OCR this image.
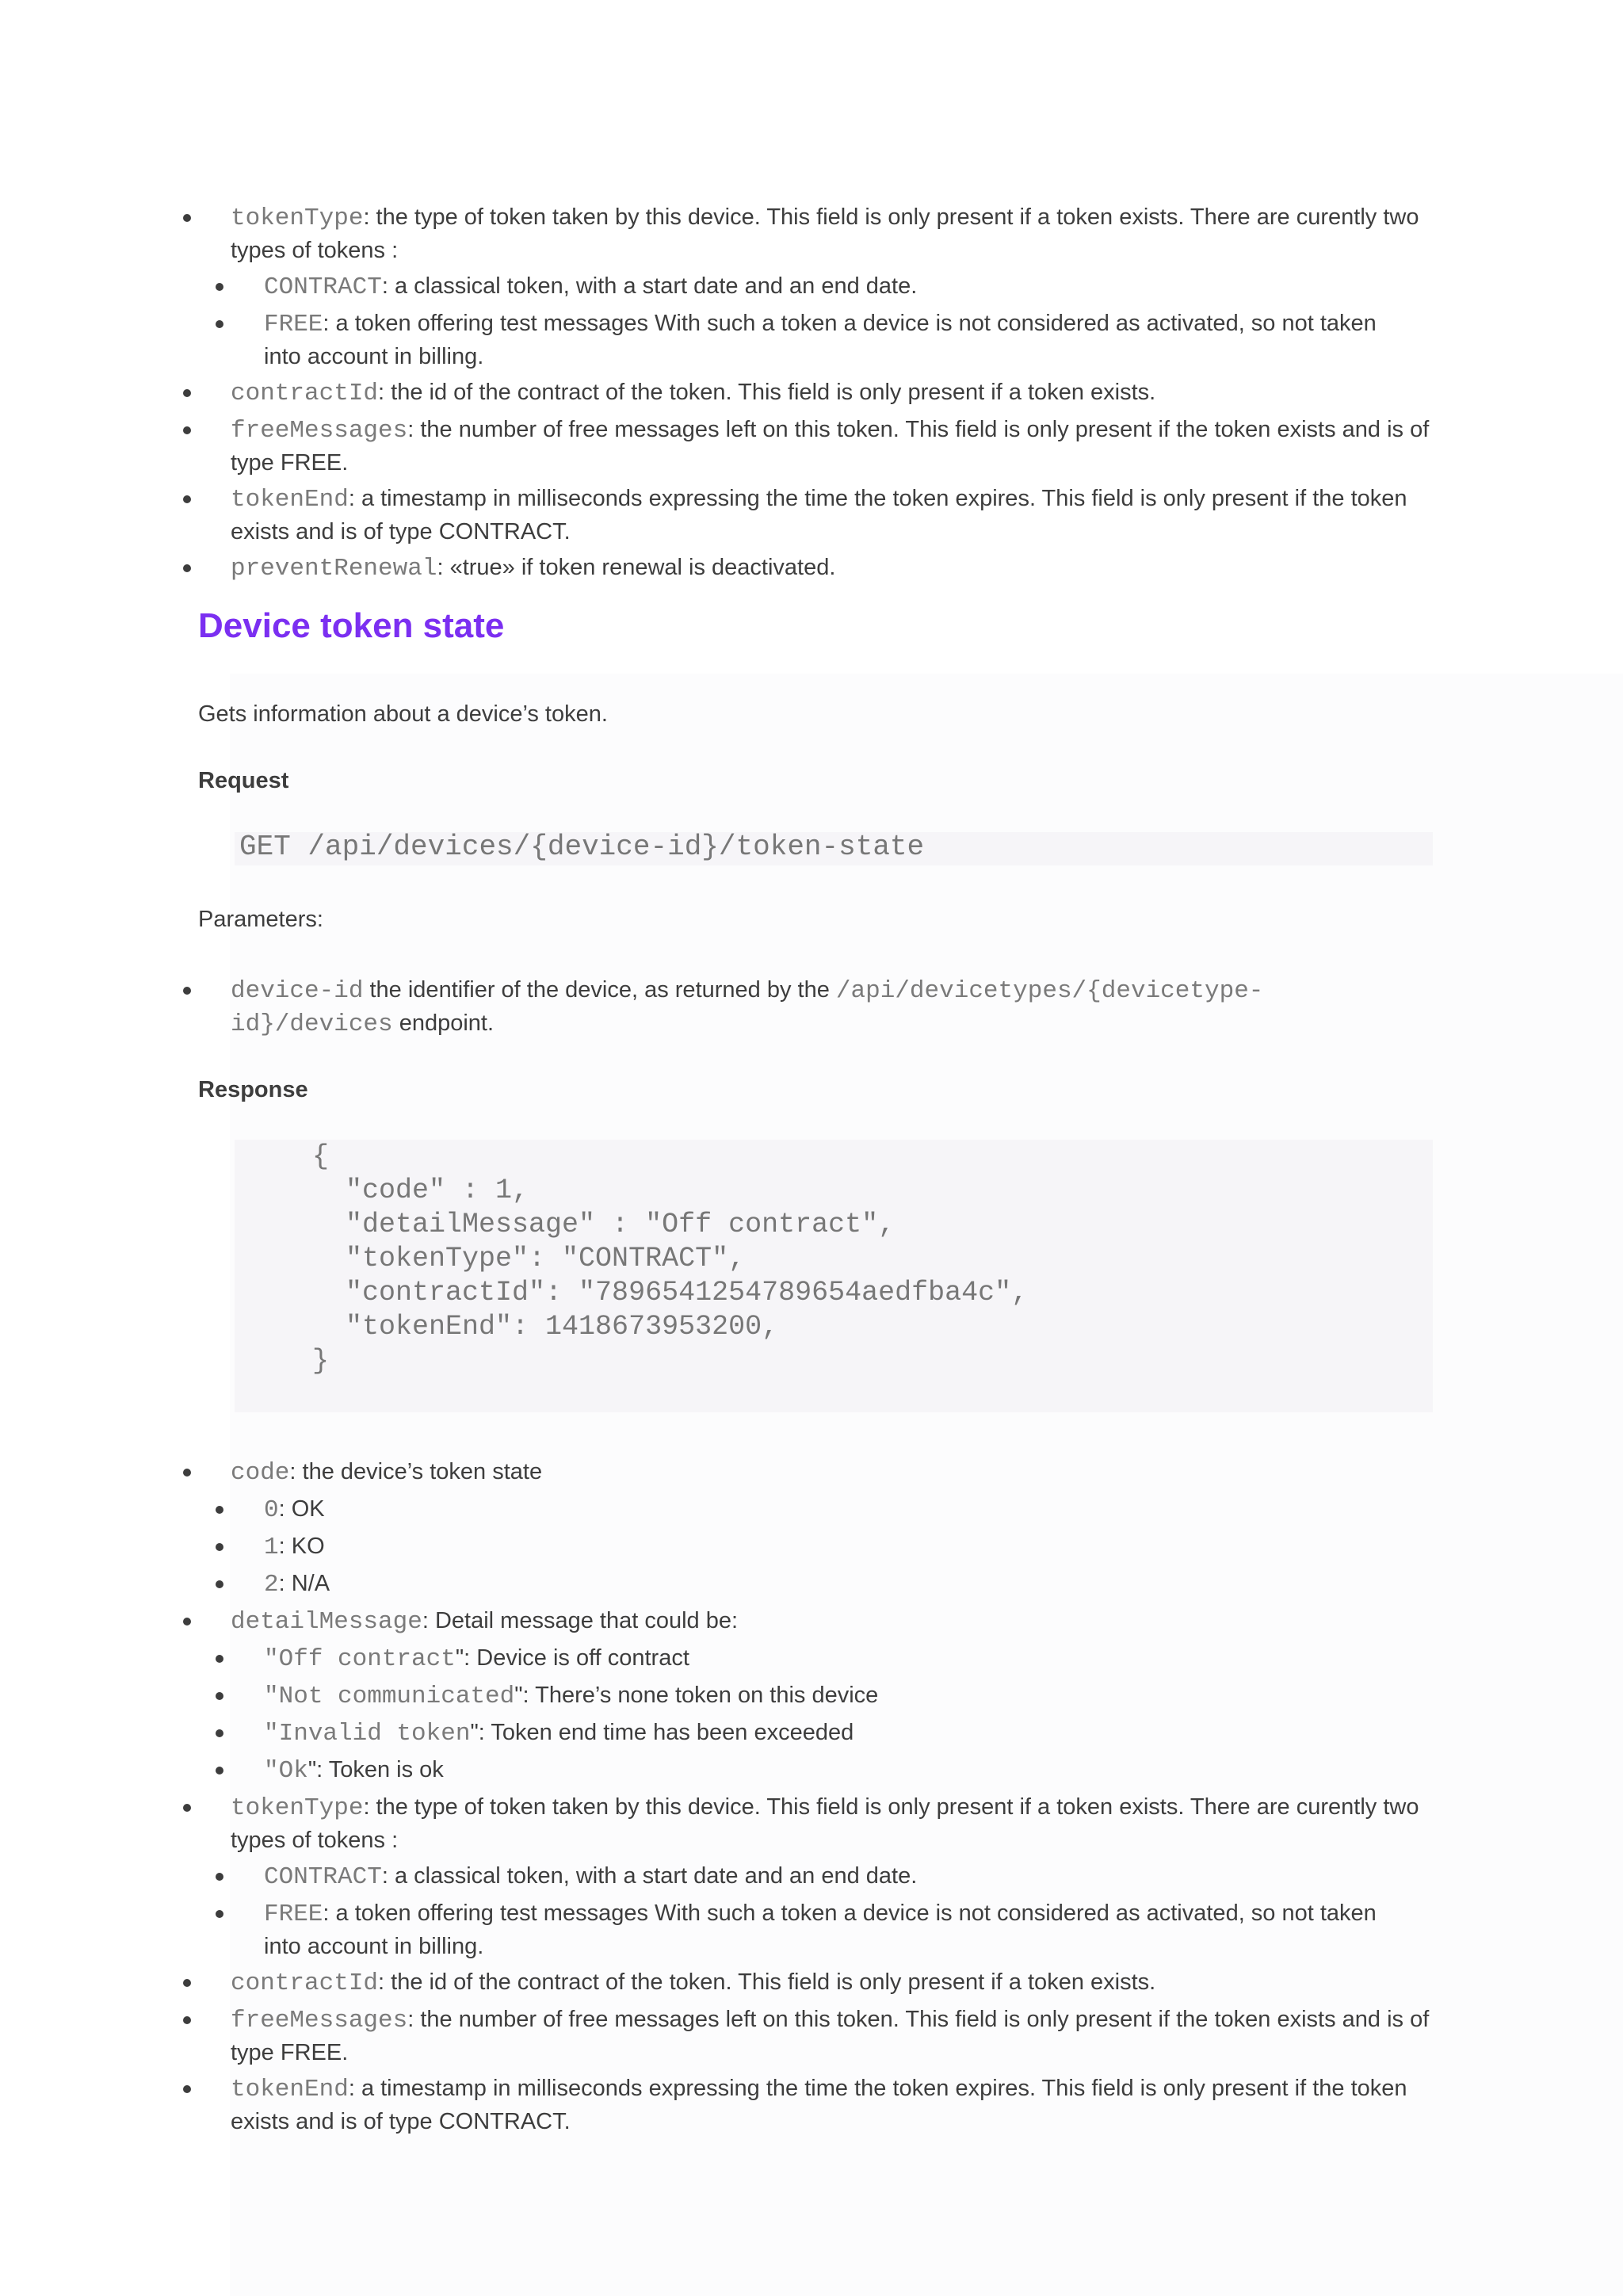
tokenType: the type of token taken by this device. This field is only present if a token exists. There are curently two types of tokens :
CONTRACT: a classical token, with a start date and an end date.
FREE: a token offering test messages With such a token a device is not considered as activated, so not taken into account in billing.
contractId: the id of the contract of the token. This field is only present if a token exists.
freeMessages: the number of free messages left on this token. This field is only present if the token exists and is of type FREE.
tokenEnd: a timestamp in milliseconds expressing the time the token expires. This field is only present if the token exists and is of type CONTRACT.
preventRenewal: «true» if token renewal is deactivated.
Device token state

Gets information about a device’s token.

Request

GET /api/devices/{device-id}/token-state

Parameters:

device-id the identifier of the device, as returned by the /api/devicetypes/{devicetype-
id}/devices endpoint.

Response

{
"code" : 1,
"detailMessage" : "Off contract",
"tokenType": "CONTRACT",
"contractId": "7896541254789654aedfba4c",
"tokenEnd": 1418673953200,
}
code: the device’s token state
0: OK
1: KO
2: N/A
detailMessage: Detail message that could be:
"Off contract": Device is off contract
"Not communicated": There’s none token on this device
"Invalid token": Token end time has been exceeded
"Ok": Token is ok
tokenType: the type of token taken by this device. This field is only present if a token exists. There are curently two types of tokens :
CONTRACT: a classical token, with a start date and an end date.
FREE: a token offering test messages With such a token a device is not considered as activated, so not taken into account in billing.
contractId: the id of the contract of the token. This field is only present if a token exists.
freeMessages: the number of free messages left on this token. This field is only present if the token exists and is of type FREE.
tokenEnd: a timestamp in milliseconds expressing the time the token expires. This field is only present if the token exists and is of type CONTRACT.
